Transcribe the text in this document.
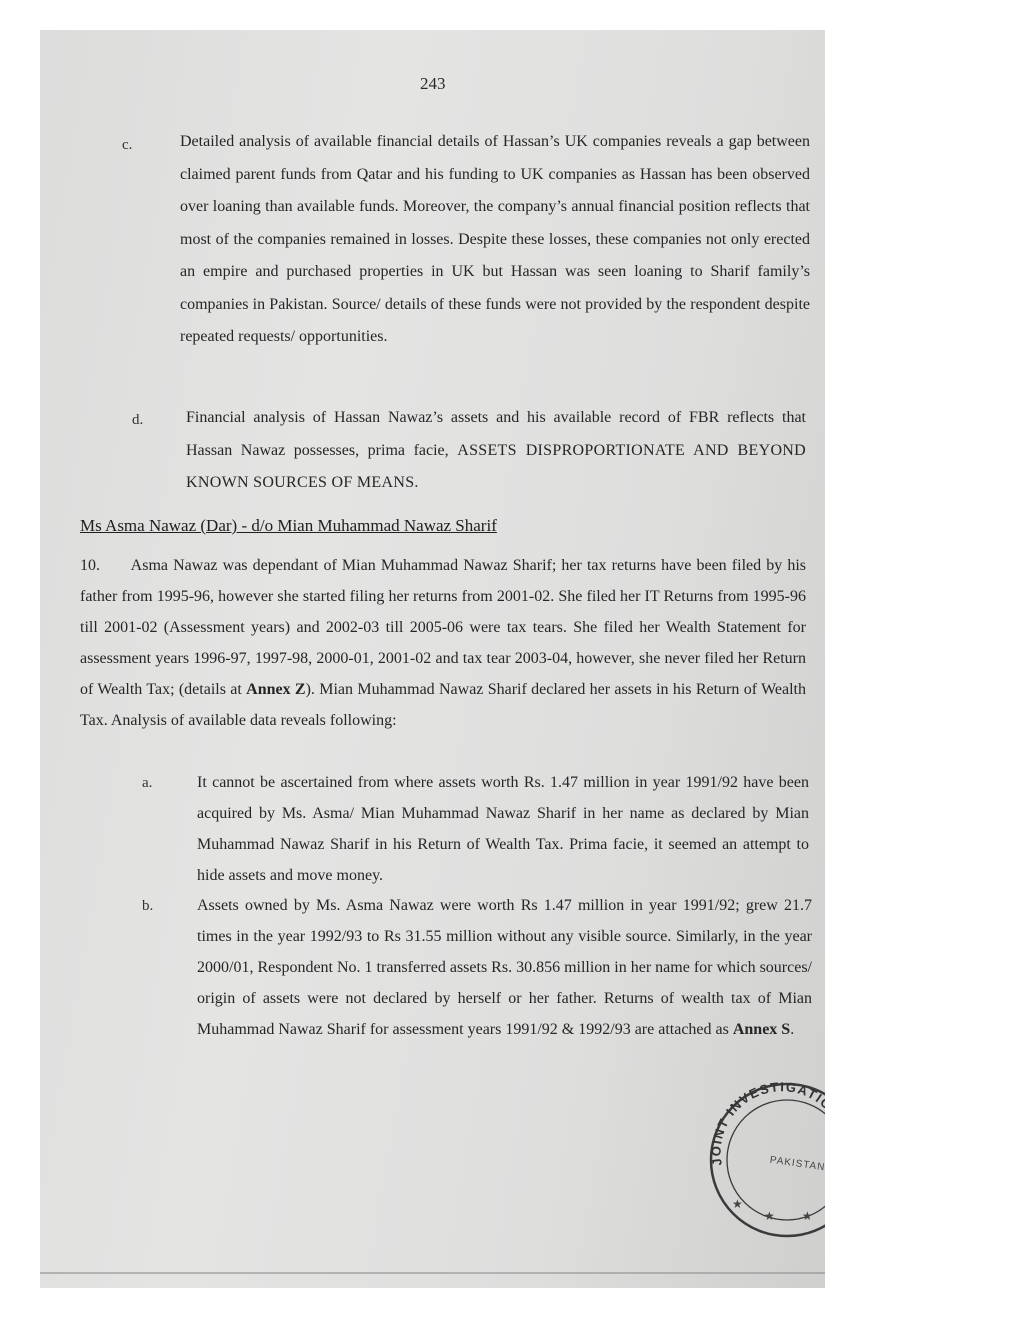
243
c.	Detailed analysis of available financial details of Hassan’s UK companies reveals a gap between claimed parent funds from Qatar and his funding to UK companies as Hassan has been observed over loaning than available funds. Moreover, the company’s annual financial position reflects that most of the companies remained in losses. Despite these losses, these companies not only erected an empire and purchased properties in UK but Hassan was seen loaning to Sharif family’s companies in Pakistan. Source/ details of these funds were not provided by the respondent despite repeated requests/ opportunities.
d.	Financial analysis of Hassan Nawaz’s assets and his available record of FBR reflects that Hassan Nawaz possesses, prima facie, ASSETS DISPROPORTIONATE AND BEYOND KNOWN SOURCES OF MEANS.
Ms Asma Nawaz (Dar) - d/o Mian Muhammad Nawaz Sharif
10. Asma Nawaz was dependant of Mian Muhammad Nawaz Sharif; her tax returns have been filed by his father from 1995-96, however she started filing her returns from 2001-02. She filed her IT Returns from 1995-96 till 2001-02 (Assessment years) and 2002-03 till 2005-06 were tax tears. She filed her Wealth Statement for assessment years 1996-97, 1997-98, 2000-01, 2001-02 and tax tear 2003-04, however, she never filed her Return of Wealth Tax; (details at Annex Z). Mian Muhammad Nawaz Sharif declared her assets in his Return of Wealth Tax. Analysis of available data reveals following:
a.	It cannot be ascertained from where assets worth Rs. 1.47 million in year 1991/92 have been acquired by Ms. Asma/ Mian Muhammad Nawaz Sharif in her name as declared by Mian Muhammad Nawaz Sharif in his Return of Wealth Tax. Prima facie, it seemed an attempt to hide assets and move money.
b.	Assets owned by Ms. Asma Nawaz were worth Rs 1.47 million in year 1991/92; grew 21.7 times in the year 1992/93 to Rs 31.55 million without any visible source. Similarly, in the year 2000/01, Respondent No. 1 transferred assets Rs. 30.856 million in her name for which sources/ origin of assets were not declared by herself or her father. Returns of wealth tax of Mian Muhammad Nawaz Sharif for assessment years 1991/92 & 1992/93 are attached as Annex S.
JOINT INVESTIGATION
PAKISTAN
★
★ ★
